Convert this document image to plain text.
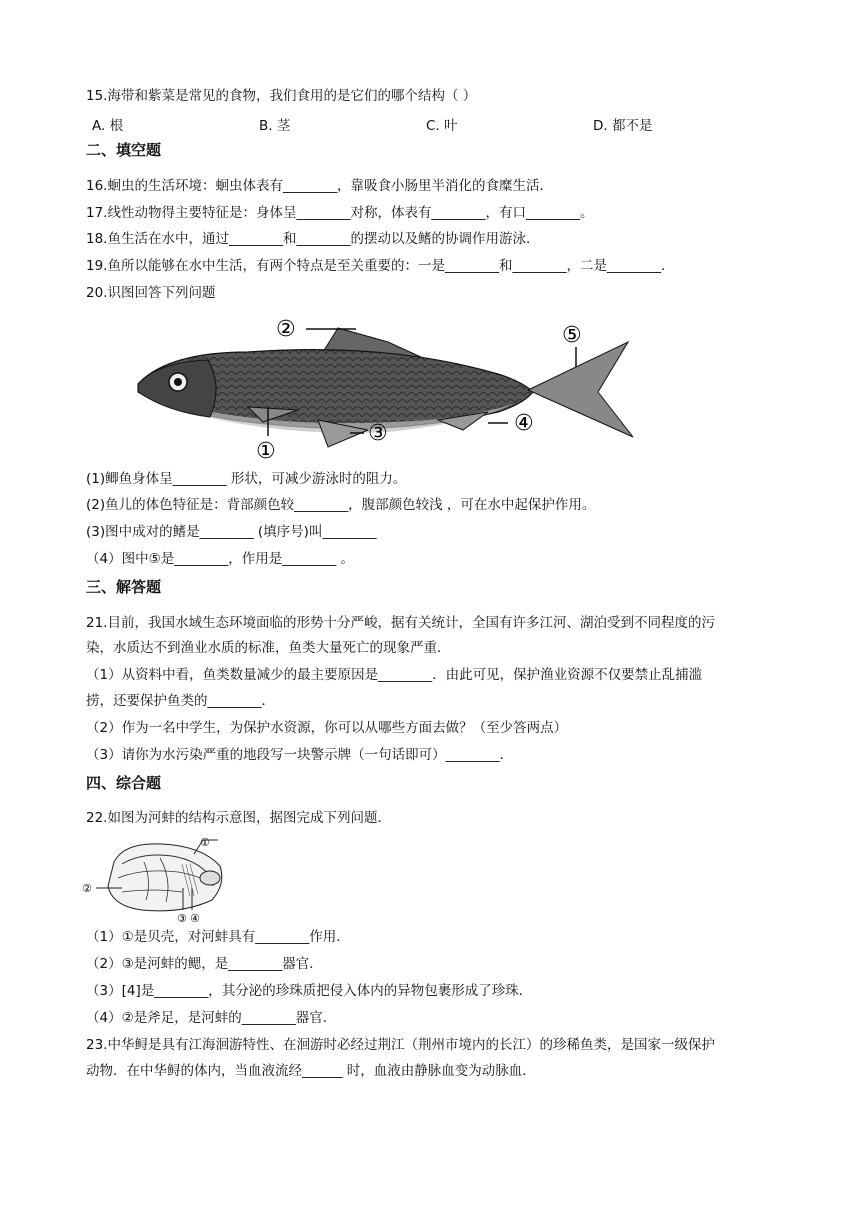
15.海带和紫菜是常见的食物，我们食用的是它们的哪个结构（ ）
A. 根	B. 茎	C. 叶	D. 都不是
二、填空题
16.蛔虫的生活环境：蛔虫体表有________，靠吸食小肠里半消化的食糜生活．
17.线性动物得主要特征是：身体呈________对称，体表有________，有口________。
18.鱼生活在水中，通过________和________的摆动以及鳍的协调作用游泳．
19.鱼所以能够在水中生活，有两个特点是至关重要的：一是________和________，二是________．
20.识图回答下列问题
②	⑤
①
③	④
(1)鲫鱼身体呈________ 形状，可减少游泳时的阻力。
(2)鱼儿的体色特征是：背部颜色较________，腹部颜色较浅 ，可在水中起保护作用。
(3)图中成对的鳍是________ (填序号)叫________
（4）图中⑤是________，作用是________ 。
三、解答题
21.目前，我国水域生态环境面临的形势十分严峻，据有关统计，全国有许多江河、湖泊受到不同程度的污
染，水质达不到渔业水质的标准，鱼类大量死亡的现象严重．
（1）从资料中看，鱼类数量减少的最主要原因是________．由此可见，保护渔业资源不仅要禁止乱捕滥
捞，还要保护鱼类的________．
（2）作为一名中学生，为保护水资源，你可以从哪些方面去做？（至少答两点）
（3）请你为水污染严重的地段写一块警示牌（一句话即可）________．
四、综合题
22.如图为河蚌的结构示意图，据图完成下列问题．
①
②
③ ④
（1）①是贝壳，对河蚌具有________作用．
（2）③是河蚌的鳃，是________器官．
（3）[4]是________，其分泌的珍珠质把侵入体内的异物包裹形成了珍珠．
（4）②是斧足，是河蚌的________器官．
23.中华鲟是具有江海洄游特性、在洄游时必经过荆江（荆州市境内的长江）的珍稀鱼类，是国家一级保护
动物．在中华鲟的体内，当血液流经______ 时，血液由静脉血变为动脉血．
